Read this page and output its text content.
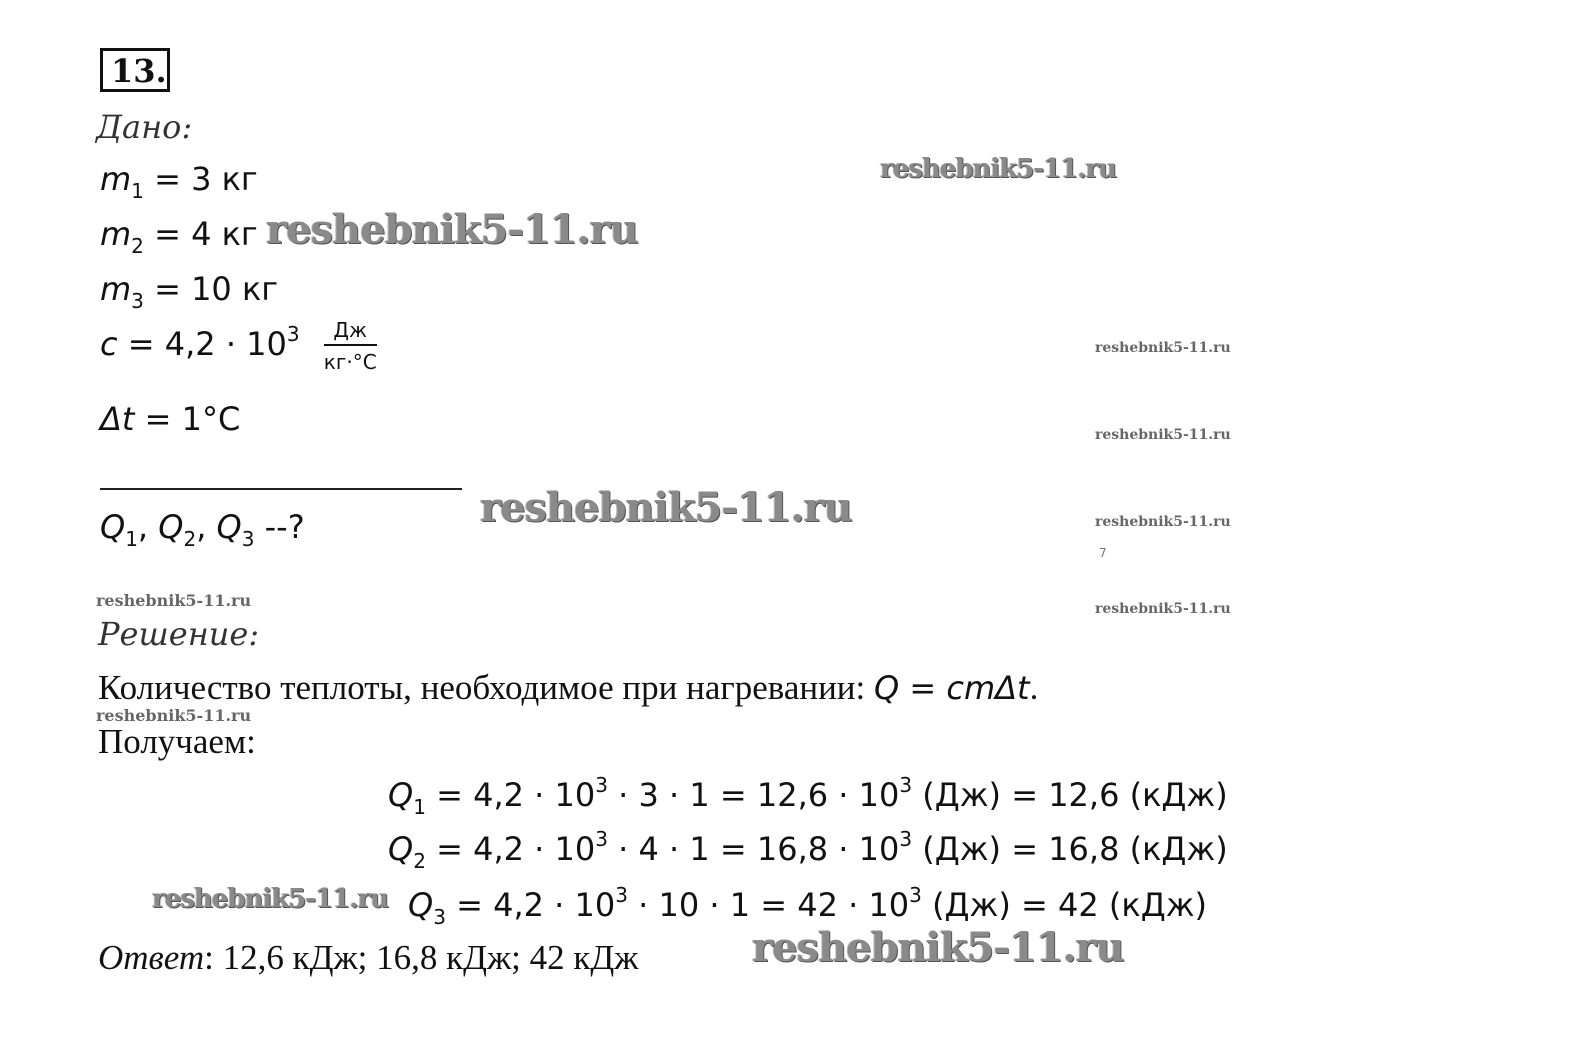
13.
Дано:
$m_1 = 3$ кг
$m_2 = 4$ кг
$m_3 = 10$ кг
$c = 4,2 \cdot 10^3 \frac{Дж}{кг\cdot^\circ С}$
Δt = 1°C
$Q_1$, $Q_2$, $Q_3$ --?
Решение:
Количество теплоты, необходимое при нагревании: Q = cmΔt.
Получаем:
$Q_1 = 4,2 \cdot 10^3 \cdot 3 \cdot 1 = 12,6 \cdot 10^3$ (Дж) = 12,6 (кДж)
$Q_2 = 4,2 \cdot 10^3 \cdot 4 \cdot 1 = 16,8 \cdot 10^3$ (Дж) = 16,8 (кДж)
$Q_3 = 4,2 \cdot 10^3 \cdot 10 \cdot 1 = 42 \cdot 10^3$ (Дж) = 42 (кДж)
Ответ: 12,6 кДж; 16,8 кДж; 42 кДж
reshebnik5-11.ru
reshebnik5-11.ru
reshebnik5-11.ru
reshebnik5-11.ru
reshebnik5-11.ru	reshebnik5-11.ru
7
reshebnik5-11.ru	reshebnik5-11.ru
reshebnik5-11.ru
reshebnik5-11.ru
reshebnik5-11.ru
